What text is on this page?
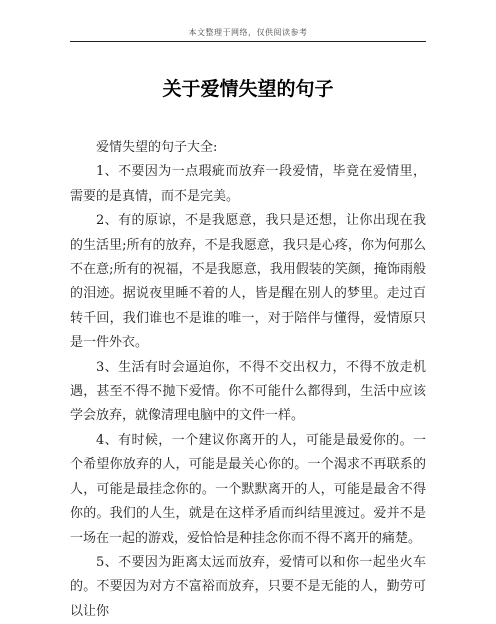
本文整理于网络，仅供阅读参考
关于爱情失望的句子

爱情失望的句子大全:

1、不要因为一点瑕疵而放弃一段爱情，毕竟在爱情里，需要的是真情，而不是完美。

2、有的原谅，不是我愿意，我只是还想，让你出现在我的生活里;所有的放弃，不是我愿意，我只是心疼，你为何那么不在意;所有的祝福，不是我愿意，我用假装的笑颜，掩饰雨般的泪迹。据说夜里睡不着的人，皆是醒在别人的梦里。走过百转千回，我们谁也不是谁的唯一，对于陪伴与懂得，爱情原只是一件外衣。

3、生活有时会逼迫你，不得不交出权力，不得不放走机遇，甚至不得不抛下爱情。你不可能什么都得到，生活中应该学会放弃，就像清理电脑中的文件一样。

4、有时候，一个建议你离开的人，可能是最爱你的。一个希望你放弃的人，可能是最关心你的。一个渴求不再联系的人，可能是最挂念你的。一个默默离开的人，可能是最舍不得你的。我们的人生，就是在这样矛盾而纠结里渡过。爱并不是一场在一起的游戏，爱恰恰是种挂念你而不得不离开的痛楚。

5、不要因为距离太远而放弃，爱情可以和你一起坐火车的。不要因为对方不富裕而放弃，只要不是无能的人，勤劳可以让你
